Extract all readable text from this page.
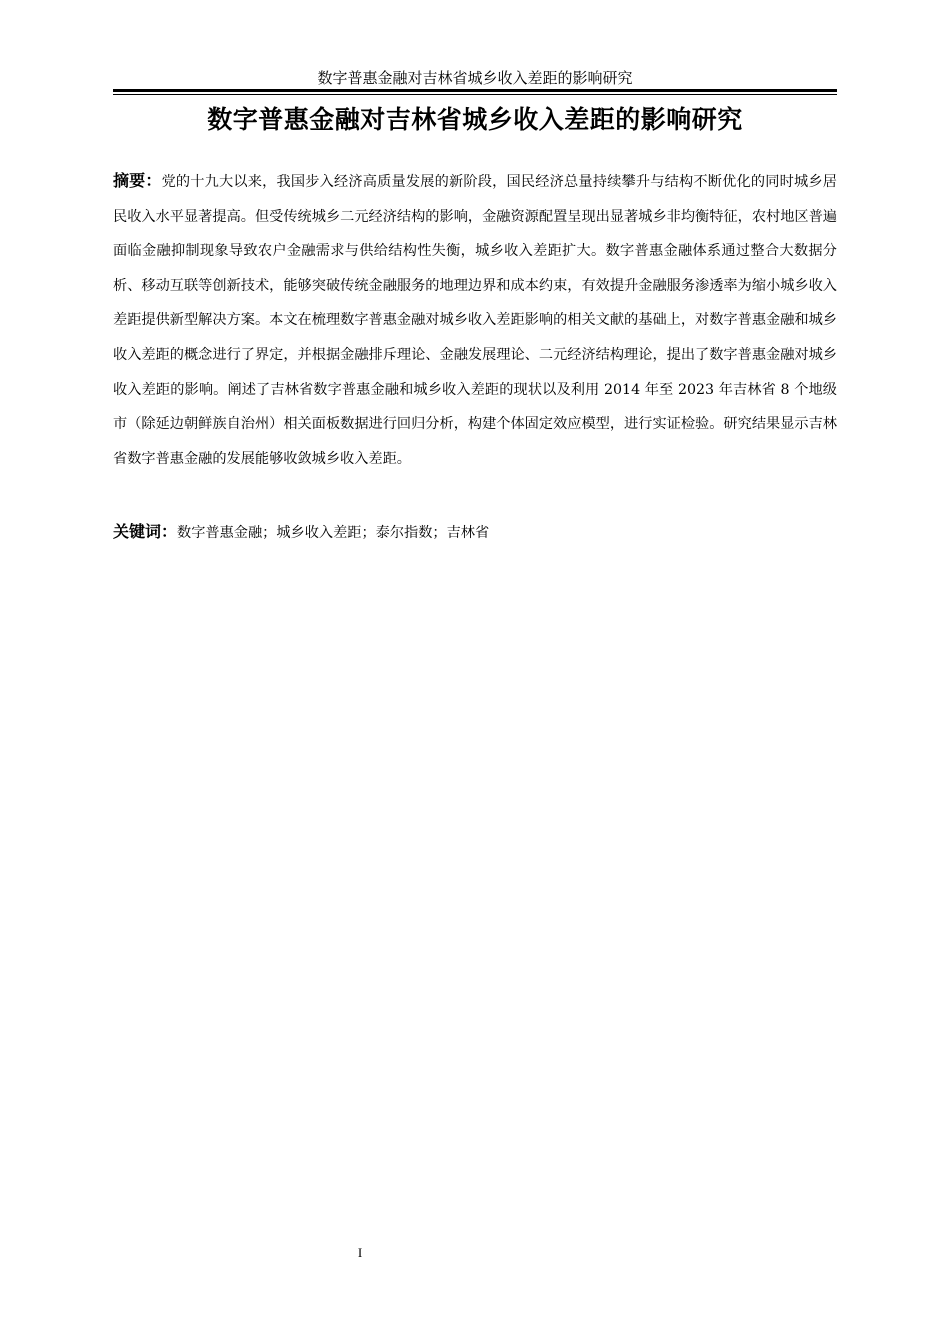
数字普惠金融对吉林省城乡收入差距的影响研究
数字普惠金融对吉林省城乡收入差距的影响研究

摘要：党的十九大以来，我国步入经济高质量发展的新阶段，国民经济总量持续攀升与结构不断优化的同时城乡居民收入水平显著提高。但受传统城乡二元经济结构的影响，金融资源配置呈现出显著城乡非均衡特征，农村地区普遍面临金融抑制现象导致农户金融需求与供给结构性失衡，城乡收入差距扩大。数字普惠金融体系通过整合大数据分析、移动互联等创新技术，能够突破传统金融服务的地理边界和成本约束，有效提升金融服务渗透率为缩小城乡收入差距提供新型解决方案。本文在梳理数字普惠金融对城乡收入差距影响的相关文献的基础上，对数字普惠金融和城乡收入差距的概念进行了界定，并根据金融排斥理论、金融发展理论、二元经济结构理论，提出了数字普惠金融对城乡收入差距的影响。阐述了吉林省数字普惠金融和城乡收入差距的现状以及利用 2014 年至 2023 年吉林省 8 个地级市（除延边朝鲜族自治州）相关面板数据进行回归分析，构建个体固定效应模型，进行实证检验。研究结果显示吉林省数字普惠金融的发展能够收敛城乡收入差距。

关键词：数字普惠金融；城乡收入差距；泰尔指数；吉林省

I
